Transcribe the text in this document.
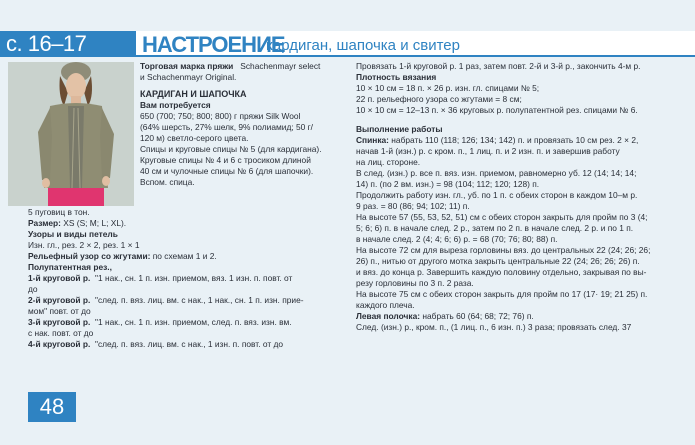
с. 16–17	НАСТРОЕНИЕ
кардиган, шапочка и свитер
Торговая марка пряжи Schachenmayr select
и Schachenmayr Original.
КАРДИГАН И ШАПОЧКА
Вам потребуется
650 (700; 750; 800; 800) г пряжи Silk Wool
(64% шерсть, 27% шелк, 9% полиамид; 50 г/
120 м) светло-серого цвета.
Спицы и круговые спицы № 5 (для кардигана).
Круговые спицы № 4 и 6 с тросиком длиной
40 см и чулочные спицы № 6 (для шапочки).
Вспом. спица.
5 пуговиц в тон.
Размер: XS (S; M; L; XL).
Узоры и виды петель
Изн. гл., рез. 2 × 2, рез. 1 × 1
Рельефный узор со жгутами: по схемам 1 и 2.
Полупатентная рез.,
1-й круговой р. "1 нак., сн. 1 п. изн. приемом, вяз. 1 изн. п. повт. от
до
2-й круговой р. "след. п. вяз. лиц. вм. с нак., 1 нак., сн. 1 п. изн. прие-
мом" повт. от до
3-й круговой р. "1 нак., сн. 1 п. изн. приемом, след. п. вяз. изн. вм.
с нак. повт. от до
4-й круговой р. "след. п. вяз. лиц. вм. с нак., 1 изн. п. повт. от до
Провязать 1-й круговой р. 1 раз, затем повт. 2-й и 3-й р., закончить 4-м р.
Плотность вязания
10 × 10 см = 18 п. × 26 р. изн. гл. спицами № 5;
22 п. рельефного узора со жгутами = 8 см;
10 × 10 см = 12–13 п. × 36 круговых р. полупатентной рез. спицами № 6.
Выполнение работы
Спинка: набрать 110 (118; 126; 134; 142) п. и провязать 10 см рез. 2 × 2,
начав 1-й (изн.) р. с кром. п., 1 лиц. п. и 2 изн. п. и завершив работу
на лиц. стороне.
В след. (изн.) р. все п. вяз. изн. приемом, равномерно уб. 12 (14; 14; 14;
14) п. (по 2 вм. изн.) = 98 (104; 112; 120; 128) п.
Продолжить работу изн. гл., уб. по 1 п. с обеих сторон в каждом 10–м р.
9 раз. = 80 (86; 94; 102; 11) п.
На высоте 57 (55, 53, 52, 51) см с обеих сторон закрыть для пройм по 3 (4;
5; 6; 6) п. в начале след. 2 р., затем по 2 п. в начале след. 2 р. и по 1 п.
в начале след. 2 (4; 4; 6; 6) р. = 68 (70; 76; 80; 88) п.
На высоте 72 см для выреза горловины вяз. до центральных 22 (24; 26; 26;
26) п., нитью от другого мотка закрыть центральные 22 (24; 26; 26; 26) п.
и вяз. до конца р. Завершить каждую половину отдельно, закрывая по вы-
резу горловины по 3 п. 2 раза.
На высоте 75 см с обеих сторон закрыть для пройм по 17 (17· 19; 21 25) п.
каждого плеча.
Левая полочка: набрать 60 (64; 68; 72; 76) п.
След. (изн.) р., кром. п., (1 лиц. п., 6 изн. п.) 3 раза; провязать след. 37
48
